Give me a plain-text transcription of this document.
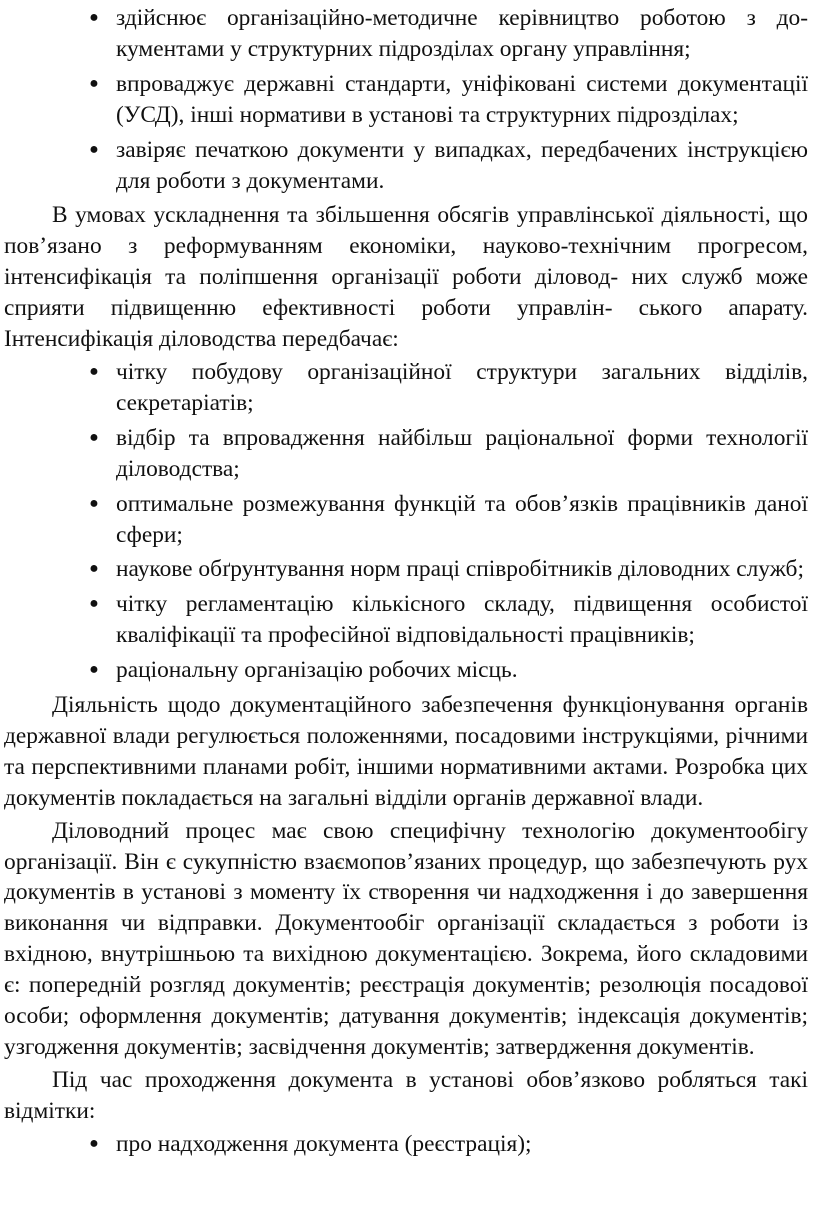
● здійснює організаційно-методичне керівництво роботою з документами у структурних підрозділах органу управління;
● впроваджує державні стандарти, уніфіковані системи документації (УСД), інші нормативи в установі та структурних підрозділах;
● завіряє печаткою документи у випадках, передбачених інструкцією для роботи з документами.

В умовах ускладнення та збільшення обсягів управлінської діяльності, що пов’язано з реформуванням економіки, науково-технічним прогресом, інтенсифікація та поліпшення організації роботи діловод- них служб може сприяти підвищенню ефективності роботи управлін- ського апарату. Інтенсифікація діловодства передбачає:

● чітку побудову організаційної структури загальних відділів, секретаріатів;
● відбір та впровадження найбільш раціональної форми технології діловодства;
● оптимальне розмежування функцій та обов’язків працівників даної сфери;
● наукове обґрунтування норм праці співробітників діловодних служб;
● чітку регламентацію кількісного складу, підвищення особистої кваліфікації та професійної відповідальності працівників;
● раціональну організацію робочих місць.

Діяльність щодо документаційного забезпечення функціонування органів державної влади регулюється положеннями, посадовими інструкціями, річними та перспективними планами робіт, іншими нормативними актами. Розробка цих документів покладається на загальні відділи органів державної влади.

Діловодний процес має свою специфічну технологію документообігу організації. Він є сукупністю взаємопов’язаних процедур, що забезпечують рух документів в установі з моменту їх створення чи надходження і до завершення виконання чи відправки. Документообіг організації складається з роботи із вхідною, внутрішньою та вихідною документацією. Зокрема, його складовими є: попередній розгляд документів; реєстрація документів; резолюція посадової особи; оформлення документів; датування документів; індексація документів; узгодження документів; засвідчення документів; затвердження документів.

Під час проходження документа в установі обов’язково робляться такі відмітки:

● про надходження документа (реєстрація);
